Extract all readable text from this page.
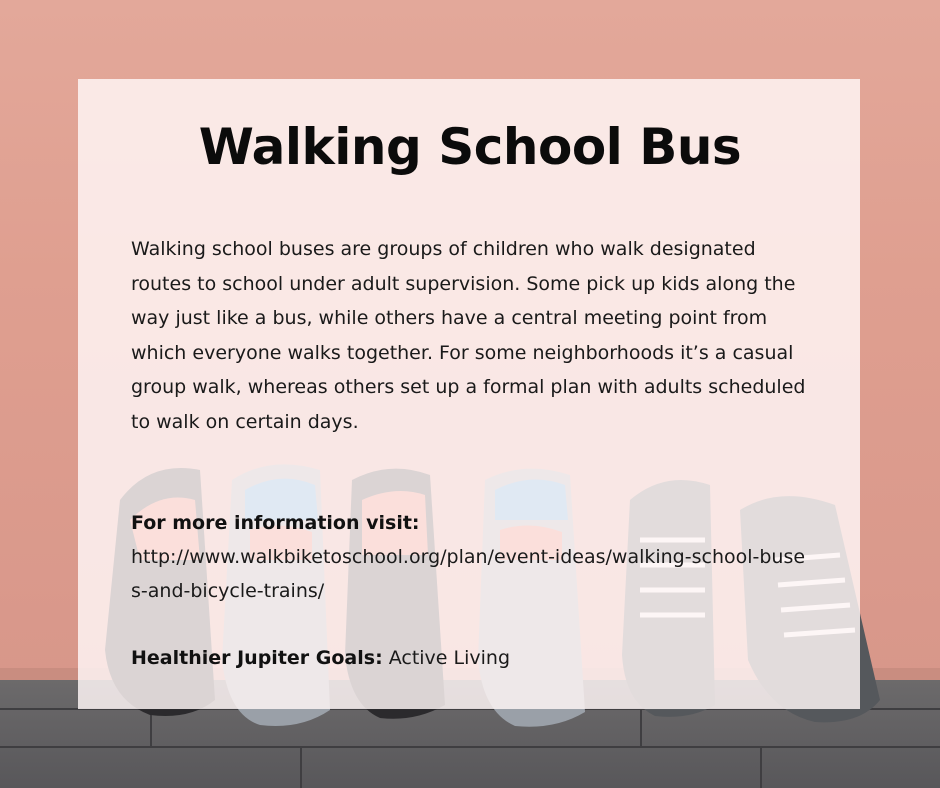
Walking School Bus

Walking school buses are groups of children who walk designated routes to school under adult supervision. Some pick up kids along the way just like a bus, while others have a central meeting point from which everyone walks together. For some neighborhoods it’s a casual group walk, whereas others set up a formal plan with adults scheduled to walk on certain days.

For more information visit:

http://www.walkbiketoschool.org/plan/event-ideas/walking-school-buses-and-bicycle-trains/

Healthier Jupiter Goals: Active Living
